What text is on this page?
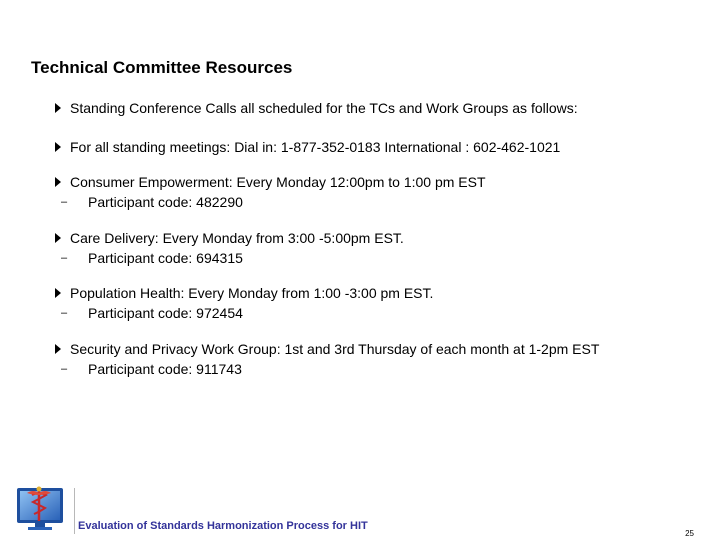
Technical Committee Resources
Standing Conference Calls all scheduled for the TCs and Work Groups as follows:
For all standing meetings: Dial in: 1-877-352-0183 International : 602-462-1021
Consumer Empowerment: Every Monday 12:00pm to 1:00 pm EST
–	Participant code: 482290
Care Delivery: Every Monday from 3:00 -5:00pm EST.
–	Participant code: 694315
Population Health: Every Monday from 1:00 -3:00 pm EST.
–	Participant code: 972454
Security and Privacy Work Group: 1st and 3rd Thursday of each month at 1-2pm EST
–	Participant code: 911743
Evaluation of Standards Harmonization Process for HIT
25
